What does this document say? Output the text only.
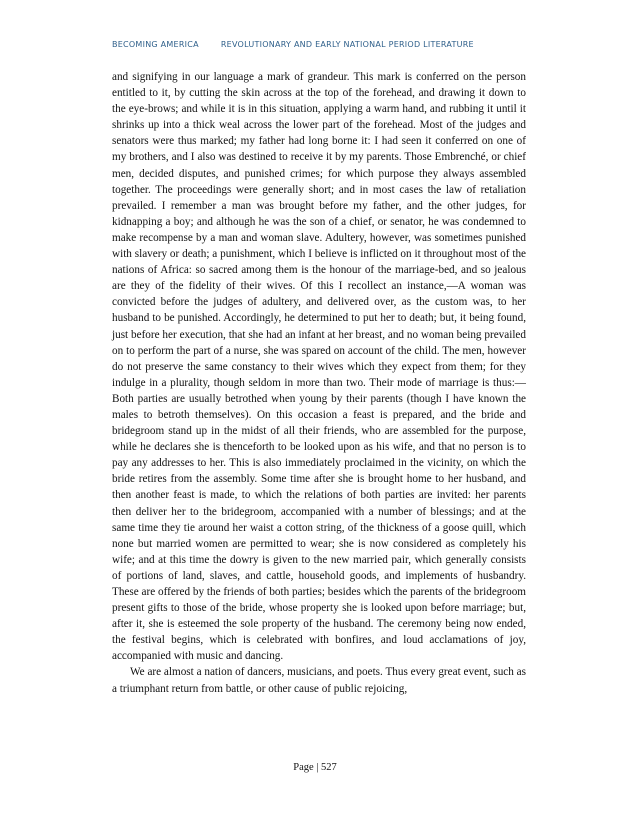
BECOMING AMERICA	REVOLUTIONARY AND EARLY NATIONAL PERIOD LITERATURE

and signifying in our language a mark of grandeur. This mark is conferred on the person entitled to it, by cutting the skin across at the top of the forehead, and drawing it down to the eye-brows; and while it is in this situation, applying a warm hand, and rubbing it until it shrinks up into a thick weal across the lower part of the forehead. Most of the judges and senators were thus marked; my father had long borne it: I had seen it conferred on one of my brothers, and I also was destined to receive it by my parents. Those Embrenché, or chief men, decided disputes, and punished crimes; for which purpose they always assembled together. The proceedings were generally short; and in most cases the law of retaliation prevailed. I remember a man was brought before my father, and the other judges, for kidnapping a boy; and although he was the son of a chief, or senator, he was condemned to make recompense by a man and woman slave. Adultery, however, was sometimes punished with slavery or death; a punishment, which I believe is inflicted on it throughout most of the nations of Africa: so sacred among them is the honour of the marriage-bed, and so jealous are they of the fidelity of their wives. Of this I recollect an instance,—A woman was convicted before the judges of adultery, and delivered over, as the custom was, to her husband to be punished. Accordingly, he determined to put her to death; but, it being found, just before her execution, that she had an infant at her breast, and no woman being prevailed on to perform the part of a nurse, she was spared on account of the child. The men, however do not preserve the same constancy to their wives which they expect from them; for they indulge in a plurality, though seldom in more than two. Their mode of marriage is thus:—Both parties are usually betrothed when young by their parents (though I have known the males to betroth themselves). On this occasion a feast is prepared, and the bride and bridegroom stand up in the midst of all their friends, who are assembled for the purpose, while he declares she is thenceforth to be looked upon as his wife, and that no person is to pay any addresses to her. This is also immediately proclaimed in the vicinity, on which the bride retires from the assembly. Some time after she is brought home to her husband, and then another feast is made, to which the relations of both parties are invited: her parents then deliver her to the bridegroom, accompanied with a number of blessings; and at the same time they tie around her waist a cotton string, of the thickness of a goose quill, which none but married women are permitted to wear; she is now considered as completely his wife; and at this time the dowry is given to the new married pair, which generally consists of portions of land, slaves, and cattle, household goods, and implements of husbandry. These are offered by the friends of both parties; besides which the parents of the bridegroom present gifts to those of the bride, whose property she is looked upon before marriage; but, after it, she is esteemed the sole property of the husband. The ceremony being now ended, the festival begins, which is celebrated with bonfires, and loud acclamations of joy, accompanied with music and dancing.

We are almost a nation of dancers, musicians, and poets. Thus every great event, such as a triumphant return from battle, or other cause of public rejoicing,

Page | 527
